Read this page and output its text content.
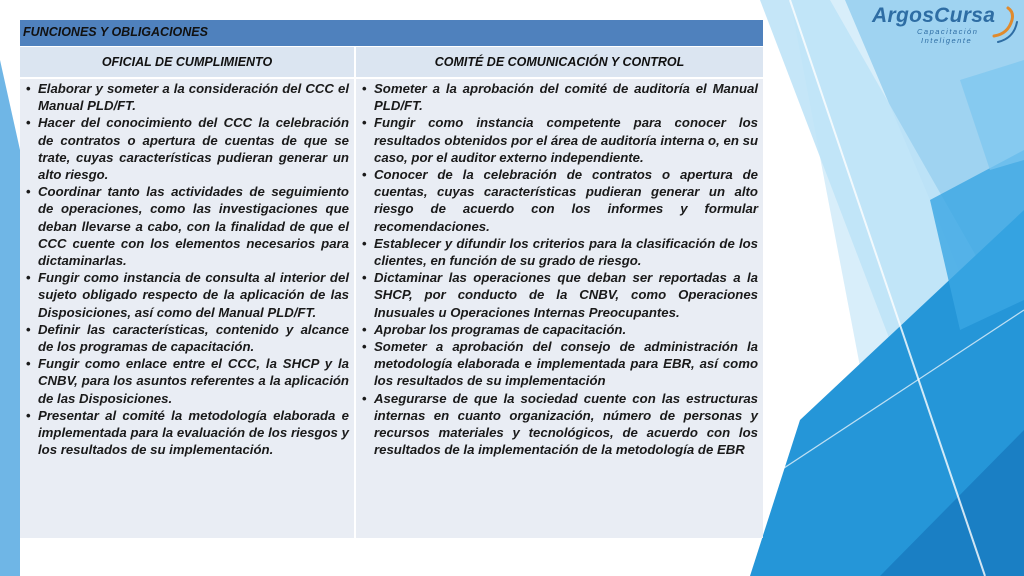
ArgosCursa
Capacitación
Inteligente
FUNCIONES Y OBLIGACIONES
OFICIAL DE CUMPLIMIENTO	COMITÉ DE COMUNICACIÓN Y CONTROL
• Elaborar y someter a la consideración del CCC el Manual PLD/FT.
• Hacer del conocimiento del CCC la celebración de contratos o apertura de cuentas de que se trate, cuyas características pudieran generar un alto riesgo.
• Coordinar tanto las actividades de seguimiento de operaciones, como las investigaciones que deban llevarse a cabo, con la finalidad de que el CCC cuente con los elementos necesarios para dictaminarlas.
• Fungir como instancia de consulta al interior del sujeto obligado respecto de la aplicación de las Disposiciones, así como del Manual PLD/FT.
• Definir las características, contenido y alcance de los programas de capacitación.
• Fungir como enlace entre el CCC, la SHCP y la CNBV, para los asuntos referentes a la aplicación de las Disposiciones.
• Presentar al comité la metodología elaborada e implementada para la evaluación de los riesgos y los resultados de su implementación.
• Someter a la aprobación del comité de auditoría el Manual PLD/FT.
• Fungir como instancia competente para conocer los resultados obtenidos por el área de auditoría interna o, en su caso, por el auditor externo independiente.
• Conocer de la celebración de contratos o apertura de cuentas, cuyas características pudieran generar un alto riesgo de acuerdo con los informes y formular recomendaciones.
• Establecer y difundir los criterios para la clasificación de los clientes, en función de su grado de riesgo.
• Dictaminar las operaciones que deban ser reportadas a la SHCP, por conducto de la CNBV, como Operaciones Inusuales u Operaciones Internas Preocupantes.
• Aprobar los programas de capacitación.
• Someter a aprobación del consejo de administración la metodología elaborada e implementada para EBR, así como los resultados de su implementación
• Asegurarse de que la sociedad cuente con las estructuras internas en cuanto organización, número de personas y recursos materiales y tecnológicos, de acuerdo con los resultados de la implementación de la metodología de EBR
